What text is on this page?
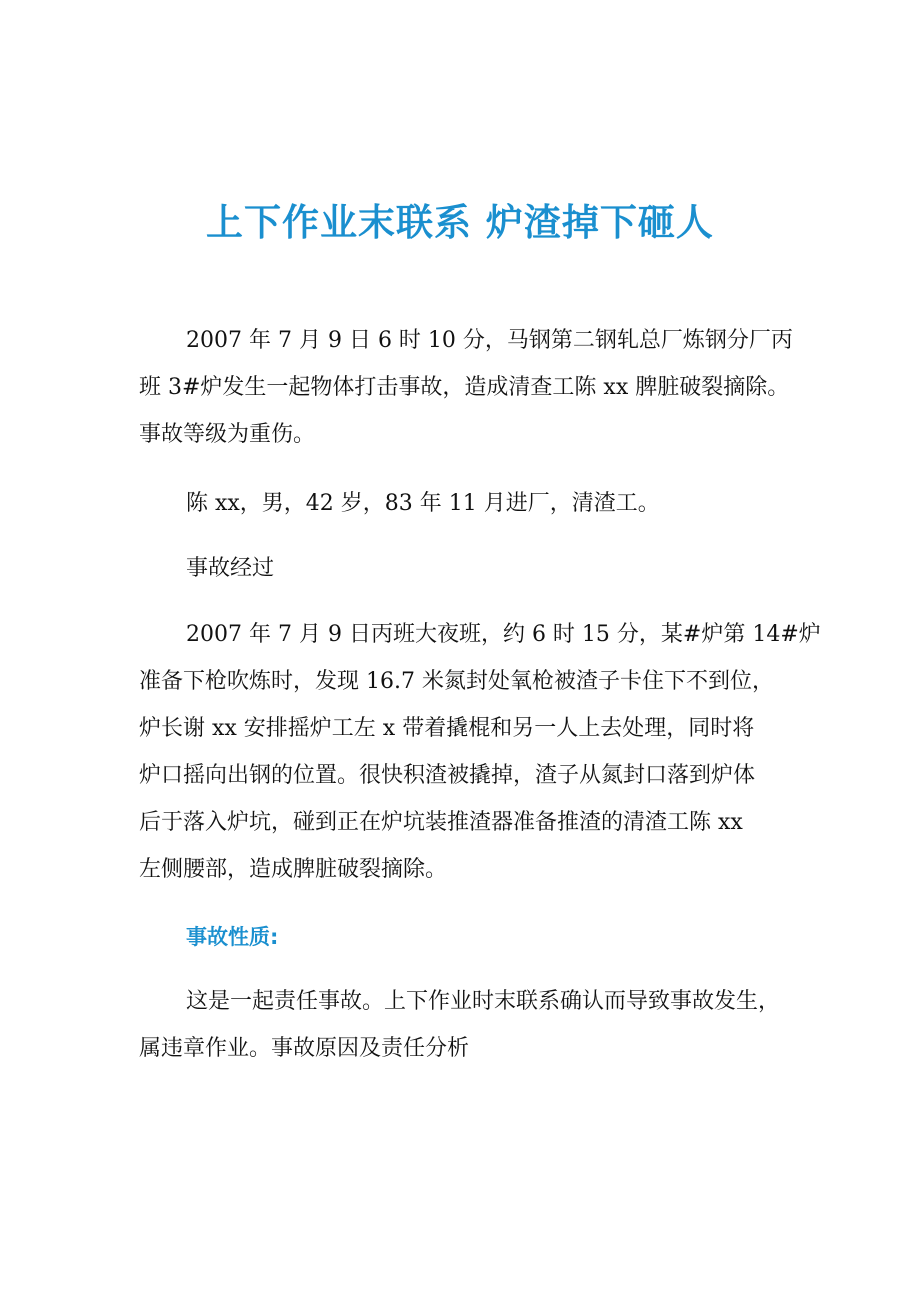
上下作业末联系 炉渣掉下砸人

2007 年 7 月 9 日 6 时 10 分，马钢第二钢轧总厂炼钢分厂丙
班 3#炉发生一起物体打击事故，造成清查工陈 xx 脾脏破裂摘除。
事故等级为重伤。

陈 xx，男，42 岁，83 年 11 月进厂，清渣工。

事故经过

2007 年 7 月 9 日丙班大夜班，约 6 时 15 分，某#炉第 14#炉
准备下枪吹炼时，发现 16.7 米氮封处氧枪被渣子卡住下不到位，
炉长谢 xx 安排摇炉工左 x 带着撬棍和另一人上去处理，同时将
炉口摇向出钢的位置。很快积渣被撬掉，渣子从氮封口落到炉体
后于落入炉坑，碰到正在炉坑装推渣器准备推渣的清渣工陈 xx
左侧腰部，造成脾脏破裂摘除。

事故性质:

这是一起责任事故。上下作业时末联系确认而导致事故发生，
属违章作业。事故原因及责任分析
